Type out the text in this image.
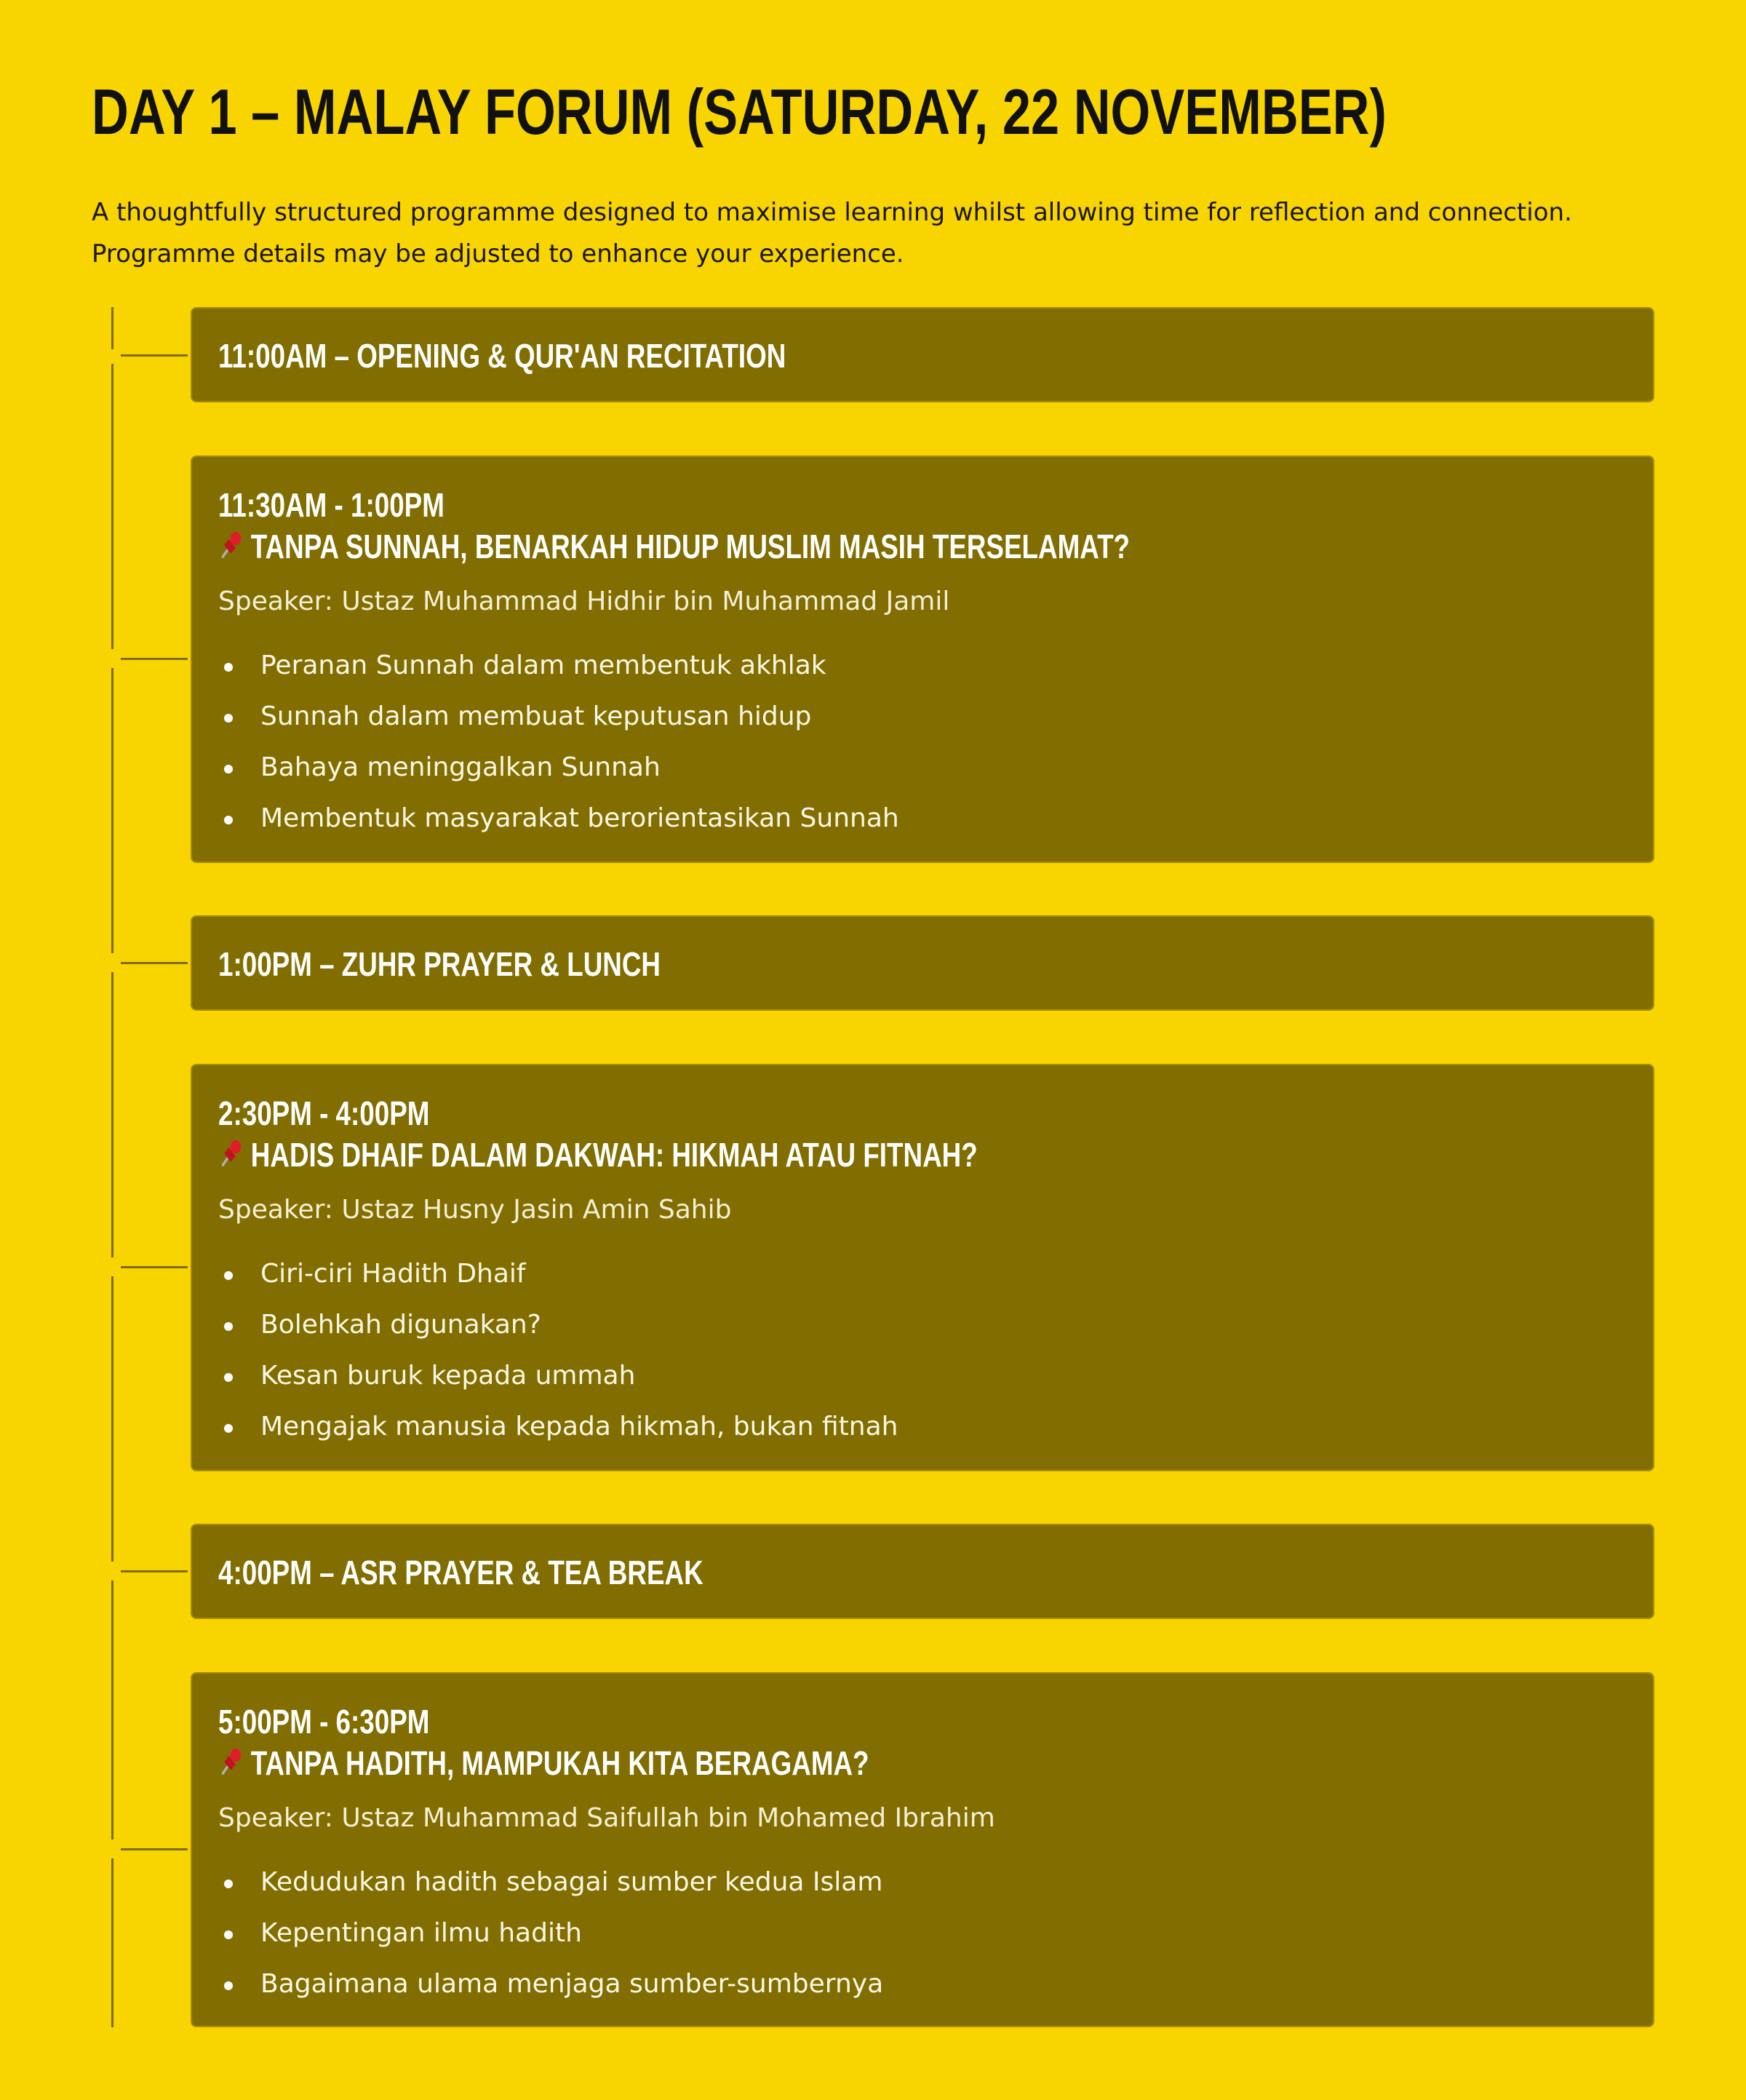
DAY 1 – MALAY FORUM (SATURDAY, 22 NOVEMBER)

A thoughtfully structured programme designed to maximise learning whilst allowing time for reflection and connection. Programme details may be adjusted to enhance your experience.

11:00AM – OPENING & QUR'AN RECITATION
11:30AM - 1:00PM
TANPA SUNNAH, BENARKAH HIDUP MUSLIM MASIH TERSELAMAT?
Speaker: Ustaz Muhammad Hidhir bin Muhammad Jamil
Peranan Sunnah dalam membentuk akhlak
Sunnah dalam membuat keputusan hidup
Bahaya meninggalkan Sunnah
Membentuk masyarakat berorientasikan Sunnah
1:00PM – ZUHR PRAYER & LUNCH
2:30PM - 4:00PM
HADIS DHAIF DALAM DAKWAH: HIKMAH ATAU FITNAH?
Speaker: Ustaz Husny Jasin Amin Sahib
Ciri-ciri Hadith Dhaif
Bolehkah digunakan?
Kesan buruk kepada ummah
Mengajak manusia kepada hikmah, bukan fitnah
4:00PM – ASR PRAYER & TEA BREAK
5:00PM - 6:30PM
TANPA HADITH, MAMPUKAH KITA BERAGAMA?
Speaker: Ustaz Muhammad Saifullah bin Mohamed Ibrahim
Kedudukan hadith sebagai sumber kedua Islam
Kepentingan ilmu hadith
Bagaimana ulama menjaga sumber-sumbernya
